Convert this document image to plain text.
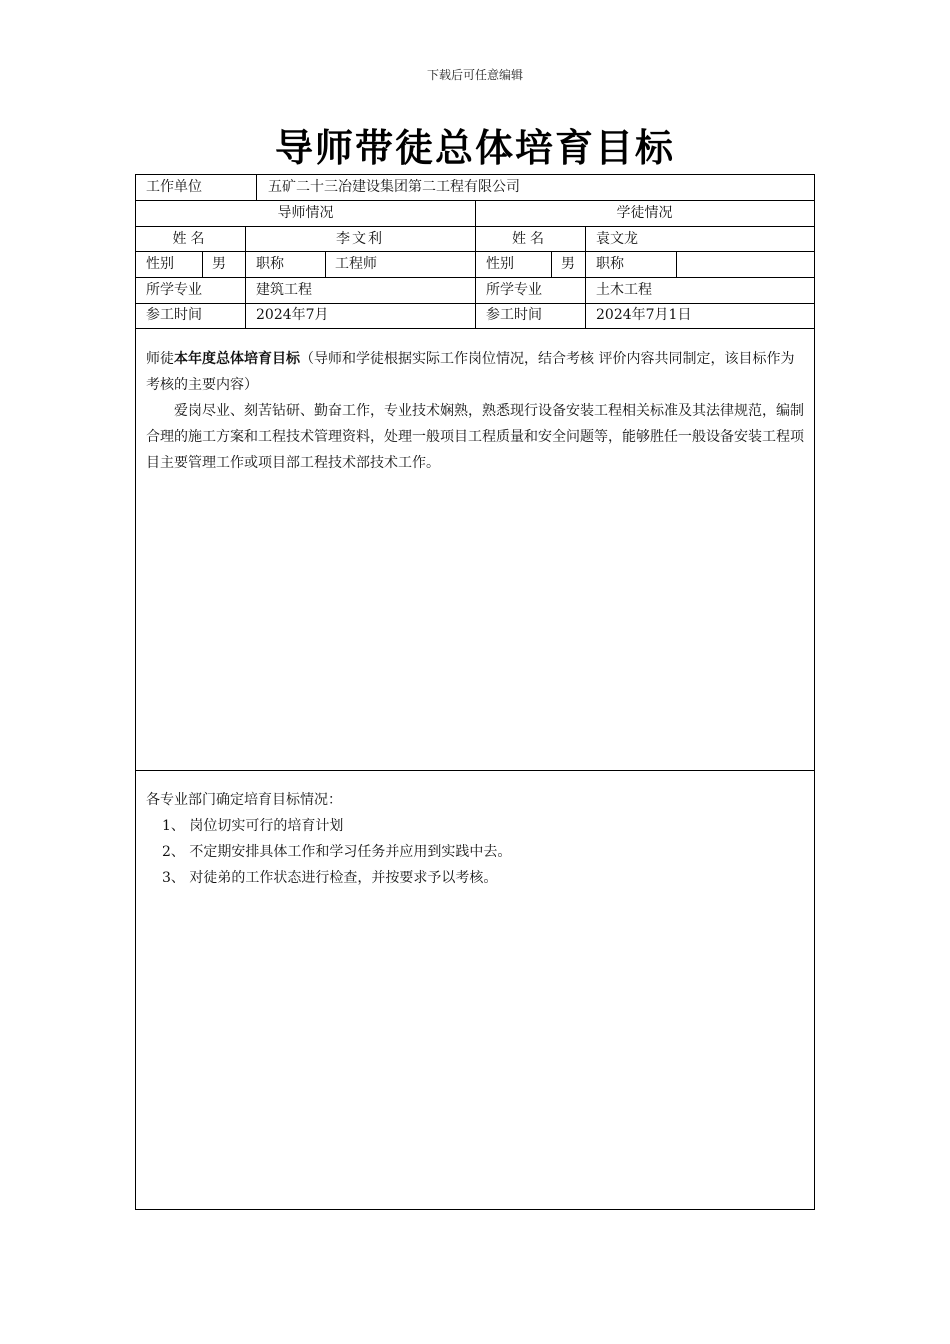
下载后可任意编辑
导师带徒总体培育目标
工作单位	五矿二十三冶建设集团第二工程有限公司
导师情况	学徒情况
姓名	李文利	姓名	袁文龙
性别	男 职称	工程师	性别	男 职称
所学专业	建筑工程	所学专业	土木工程
参工时间	2024年7月	参工时间	2024年7月1日

师徒本年度总体培育目标（导师和学徒根据实际工作岗位情况，结合考核 评价内容共同制定，该目标作为考核的主要内容）

爱岗尽业、刻苦钻研、勤奋工作，专业技术娴熟，熟悉现行设备安装工程相关标准及其法律规范，编制合理的施工方案和工程技术管理资料，处理一般项目工程质量和安全问题等，能够胜任一般设备安装工程项目主要管理工作或项目部工程技术部技术工作。

各专业部门确定培育目标情况：

1、 岗位切实可行的培育计划

2、 不定期安排具体工作和学习任务并应用到实践中去。

3、 对徒弟的工作状态进行检查，并按要求予以考核。
